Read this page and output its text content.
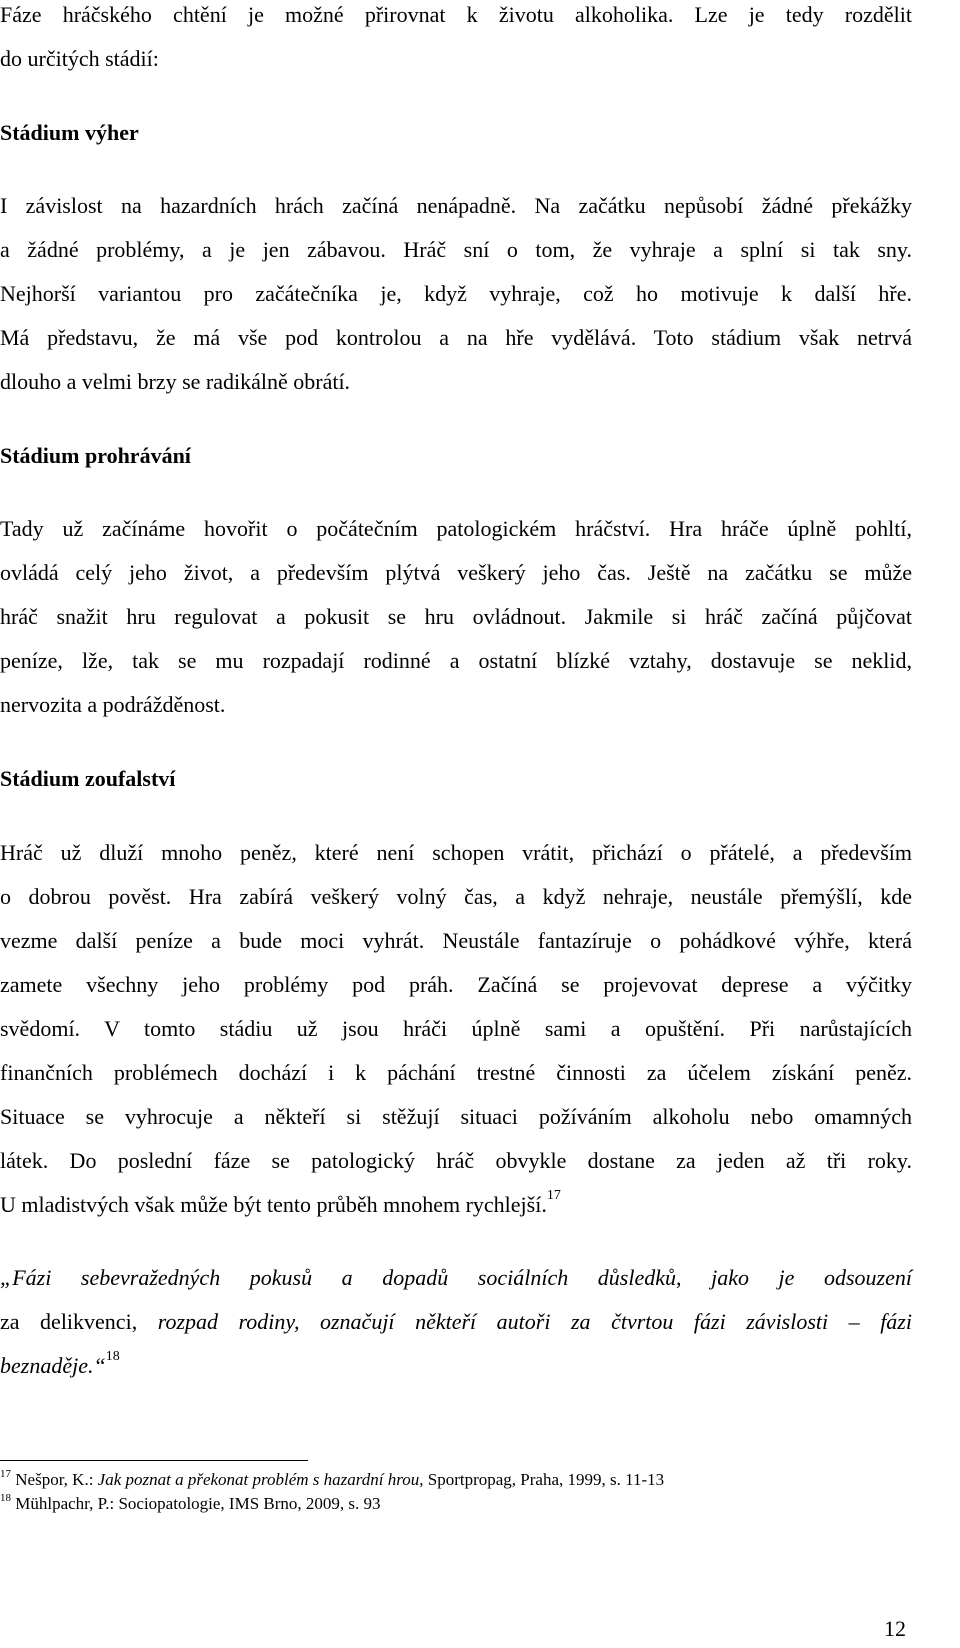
Fáze hráčského chtění je možné přirovnat k životu alkoholika. Lze je tedy rozdělit
do určitých stádií:
Stádium výher
I závislost na hazardních hrách začíná nenápadně. Na začátku nepůsobí žádné překážky
a žádné problémy, a je jen zábavou. Hráč sní o tom, že vyhraje a splní si tak sny.
Nejhorší variantou pro začátečníka je, když vyhraje, což ho motivuje k další hře.
Má představu, že má vše pod kontrolou a na hře vydělává. Toto stádium však netrvá
dlouho a velmi brzy se radikálně obrátí.
Stádium prohrávání
Tady už začínáme hovořit o počátečním patologickém hráčství. Hra hráče úplně pohltí,
ovládá celý jeho život, a především plýtvá veškerý jeho čas. Ještě na začátku se může
hráč snažit hru regulovat a pokusit se hru ovládnout. Jakmile si hráč začíná půjčovat
peníze, lže, tak se mu rozpadají rodinné a ostatní blízké vztahy, dostavuje se neklid,
nervozita a podrážděnost.
Stádium zoufalství
Hráč už dluží mnoho peněz, které není schopen vrátit, přichází o přátelé, a především
o dobrou pověst. Hra zabírá veškerý volný čas, a když nehraje, neustále přemýšlí, kde
vezme další peníze a bude moci vyhrát. Neustále fantazíruje o pohádkové výhře, která
zamete všechny jeho problémy pod práh. Začíná se projevovat deprese a výčitky
svědomí. V tomto stádiu už jsou hráči úplně sami a opuštění. Při narůstajících
finančních problémech dochází i k páchání trestné činnosti za účelem získání peněz.
Situace se vyhrocuje a někteří si stěžují situaci požíváním alkoholu nebo omamných
látek. Do poslední fáze se patologický hráč obvykle dostane za jeden až tři roky.
U mladistvých však může být tento průběh mnohem rychlejší.$^{17}$
„Fázi sebevražedných pokusů a dopadů sociálních důsledků, jako je odsouzení
za delikvenci, rozpad rodiny, označují někteří autoři za čtvrtou fázi závislosti – fázi
beznaděje.“$^{18}$
$^{17}$ Nešpor, K.: Jak poznat a překonat problém s hazardní hrou, Sportpropag, Praha, 1999, s. 11-13
$^{18}$ Mühlpachr, P.: Sociopatologie, IMS Brno, 2009, s. 93
12
